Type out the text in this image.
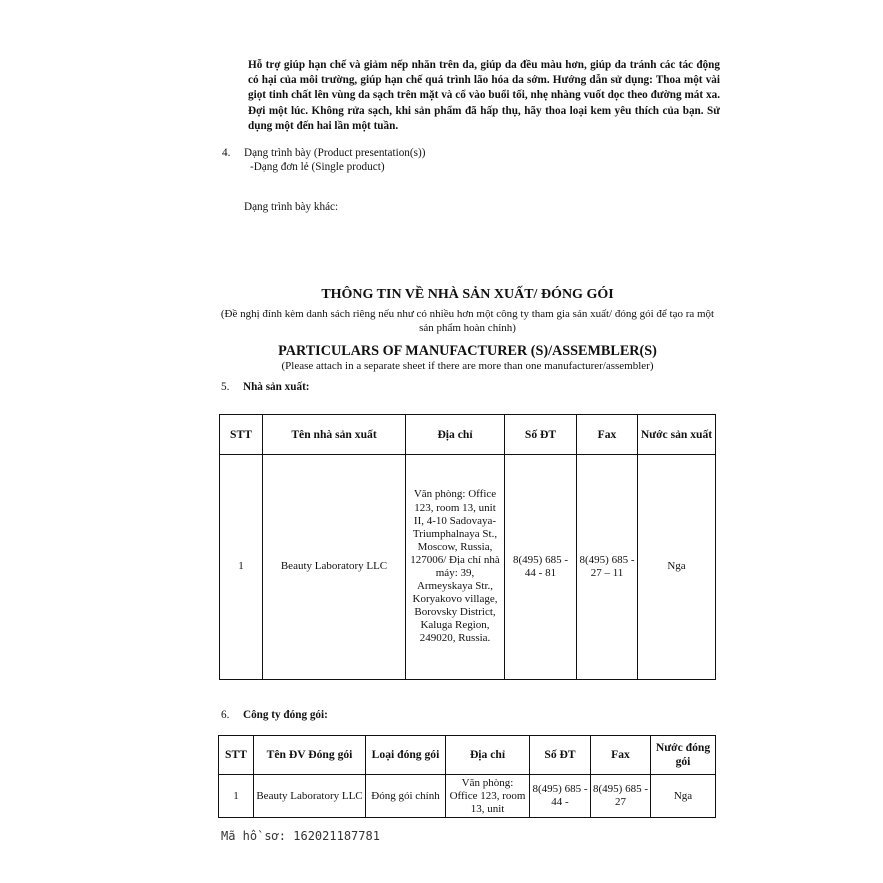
Hỗ trợ giúp hạn chế và giảm nếp nhăn trên da, giúp da đều màu hơn, giúp da tránh các tác động có hại của môi trường, giúp hạn chế quá trình lão hóa da sớm. Hướng dẫn sử dụng: Thoa một vài giọt tinh chất lên vùng da sạch trên mặt và cổ vào buổi tối, nhẹ nhàng vuốt dọc theo đường mát xa. Đợi một lúc. Không rửa sạch, khi sản phẩm đã hấp thụ, hãy thoa loại kem yêu thích của bạn. Sử dụng một đến hai lần một tuần.
4. Dạng trình bày (Product presentation(s))
-Dạng đơn lẻ (Single product)
Dạng trình bày khác:
THÔNG TIN VỀ NHÀ SẢN XUẤT/ ĐÓNG GÓI
(Đề nghị đính kèm danh sách riêng nếu như có nhiều hơn một công ty tham gia sản xuất/ đóng gói để tạo ra một sản phẩm hoàn chỉnh)
PARTICULARS OF MANUFACTURER (S)/ASSEMBLER(S)
(Please attach in a separate sheet if there are more than one manufacturer/assembler)
5. Nhà sản xuất:
STT	Tên nhà sản xuất	Địa chỉ	Số ĐT	Fax	Nước sản xuất
1	Beauty Laboratory LLC	Văn phòng: Office 123, room 13, unit II, 4-10 Sadovaya-Triumphalnaya St., Moscow, Russia, 127006/ Địa chỉ nhà máy: 39, Armeyskaya Str., Koryakovo village, Borovsky District, Kaluga Region, 249020, Russia.	8(495) 685 - 44 - 81	8(495) 685 - 27 – 11	Nga
6. Công ty đóng gói:
STT	Tên ĐV Đóng gói	Loại đóng gói	Địa chỉ	Số ĐT	Fax	Nước đóng gói
1	Beauty Laboratory LLC	Đóng gói chính	Văn phòng: Office 123, room 13, unit	8(495) 685 - 44 -	8(495) 685 - 27	Nga
Mã hồ sơ: 162021187781
